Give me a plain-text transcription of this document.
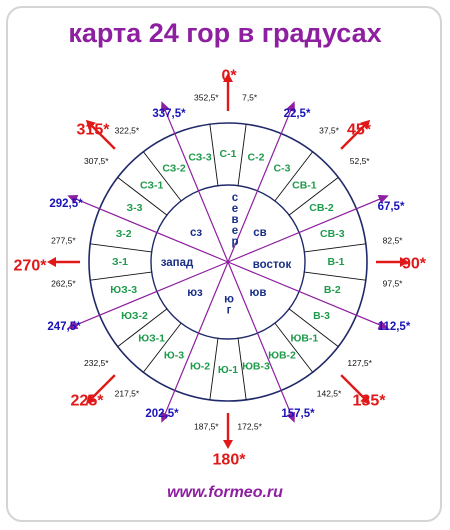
карта 24 гор в градусах
0*
45*
90*
135*
180*
225*
270*
315*
22,5*
67,5*
112,5*
157,5*
202,5*
247,5*
292,5*
337,5*
7,5*
37,5*
52,5*
82,5*
97,5*
127,5*
142,5*
172,5*
187,5*
217,5*
232,5*
262,5*
277,5*
307,5*
322,5*
352,5*
С-1 С-2
С-3
СВ-1
СВ-2
СВ-3
В-1
В-2
В-3
ЮВ-1
ЮВ-2
ЮВ-3
Ю-1
Ю-2
Ю-3
ЮЗ-1
ЮЗ-2
ЮЗ-3
З-1
З-2
З-3
СЗ-1
СЗ-2
СЗ-3
с
е
в
е
р
св
восток
юв
ю
г
юз
запад
сз
www.formeo.ru
